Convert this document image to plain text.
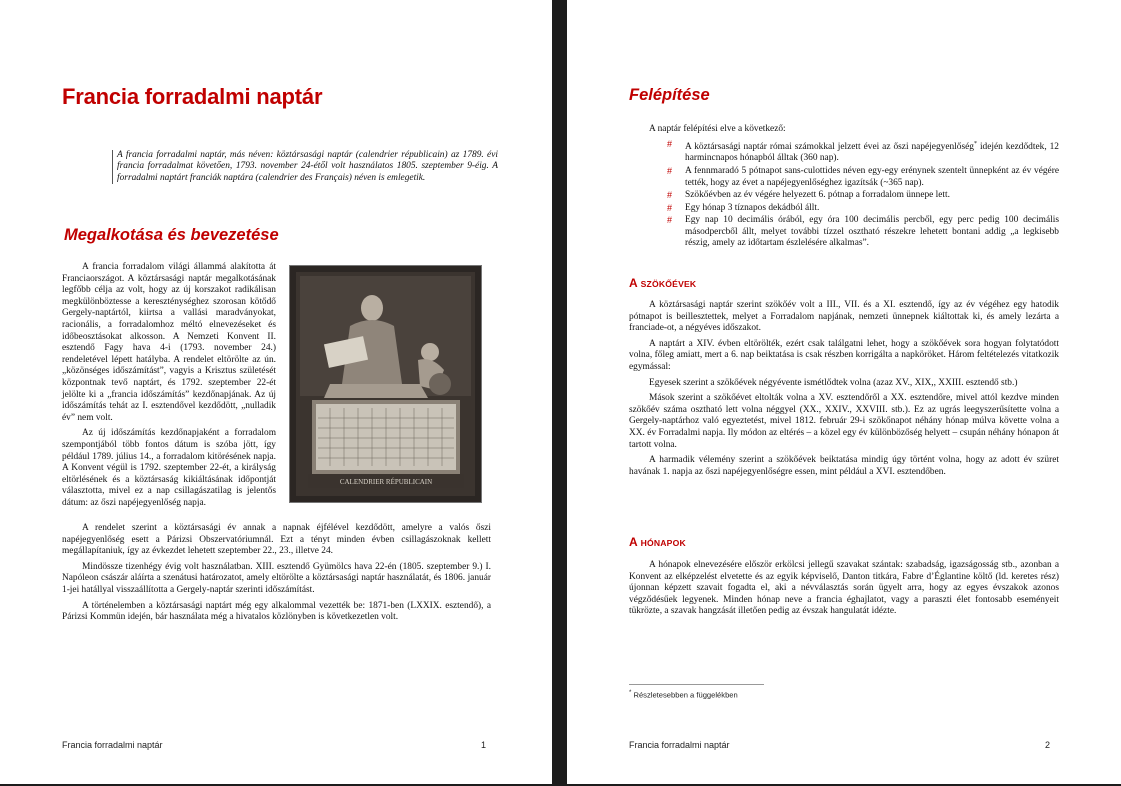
Francia forradalmi naptár
A francia forradalmi naptár, más néven: köztársasági naptár (calendrier républicain) az 1789. évi francia forradalmat követően, 1793. november 24-étől volt használatos 1805. szeptember 9-éig. A forradalmi naptárt franciák naptára (calendrier des Français) néven is emlegetik.
Megalkotása és bevezetése

A francia forradalom világi állammá alakította át Franciaországot. A köztársasági naptár megalkotásának legfőbb célja az volt, hogy az új korszakot radikálisan megkülönböztesse a kereszténységhez szorosan kötődő Gergely-naptártól, kiirtsa a vallási maradványokat, racionális, a forradalomhoz méltó elnevezéseket és időbeosztásokat alkosson. A Nemzeti Konvent II. esztendő Fagy hava 4-i (1793. november 24.) rendeletével lépett hatályba. A rendelet eltörölte az ún. „közönséges időszámítást”, vagyis a Krisztus születését központnak tevő naptárt, és 1792. szeptember 22-ét jelölte ki a „francia időszámítás” kezdőnapjának. Az új időszámítás tehát az I. esztendővel kezdődött, „nulladik év” nem volt.

Az új időszámítás kezdőnapjaként a forradalom szempontjából több fontos dátum is szóba jött, így például 1789. július 14., a forradalom kitörésének napja. A Konvent végül is 1792. szeptember 22-ét, a királyság eltörlésének és a köztársaság kikiáltásának időpontját választotta, mivel ez a nap csillagászatilag is jelentős dátum: az őszi napéjegyenlőség napja.

CALENDRIER RÉPUBLICAIN

A rendelet szerint a köztársasági év annak a napnak éjfélével kezdődött, amelyre a valós őszi napéjegyenlőség esett a Párizsi Obszervatóriumnál. Ezt a tényt minden évben csillagászoknak kellett megállapítaniuk, így az évkezdet lehetett szeptember 22., 23., illetve 24.

Mindössze tizenhégy évig volt használatban. XIII. esztendő Gyümölcs hava 22-én (1805. szeptember 9.) I. Napóleon császár aláírta a szenátusi határozatot, amely eltörölte a köztársasági naptár használatát, és 1806. január 1-jei hatállyal visszaállította a Gergely-naptár szerinti időszámítást.

A történelemben a köztársasági naptárt még egy alkalommal vezették be: 1871-ben (LXXIX. esztendő), a Párizsi Kommün idején, bár használata még a hivatalos közlönyben is következetlen volt.

Francia forradalmi naptár	1
Felépítése

A naptár felépítési elve a következő:

# A köztársasági naptár római számokkal jelzett évei az őszi napéjegyenlőség* idején kezdődtek, 12 harmincnapos hónapból álltak (360 nap).
# A fennmaradó 5 pótnapot sans-culottides néven egy-egy erénynek szentelt ünnepként az év végére tették, hogy az évet a napéjegyenlőséghez igazítsák (~365 nap).
# Szökőévben az év végére helyezett 6. pótnap a forradalom ünnepe lett.
# Egy hónap 3 tíznapos dekádból állt.
# Egy nap 10 decimális órából, egy óra 100 decimális percből, egy perc pedig 100 decimális másodpercből állt, melyet további tízzel osztható részekre lehetett bontani addig „a legkisebb részig, amely az időtartam észlelésére alkalmas”.
A SZÖKŐÉVEK

A köztársasági naptár szerint szökőév volt a III., VII. és a XI. esztendő, így az év végéhez egy hatodik pótnapot is beillesztettek, melyet a Forradalom napjának, nemzeti ünnepnek kiáltottak ki, és amely lezárta a franciade-ot, a négyéves időszakot.

A naptárt a XIV. évben eltörölték, ezért csak találgatni lehet, hogy a szökőévek sora hogyan folytatódott volna, főleg amiatt, mert a 6. nap beiktatása is csak részben korrigálta a napköröket. Három feltételezés vitatkozik egymással:

Egyesek szerint a szökőévek négyévente ismétlődtek volna (azaz XV., XIX,, XXIII. esztendő stb.)

Mások szerint a szökőévet eltolták volna a XV. esztendőről a XX. esztendőre, mivel attól kezdve minden szökőév száma osztható lett volna néggyel (XX., XXIV., XXVIII. stb.). Ez az ugrás leegyszerűsítette volna a Gergely-naptárhoz való egyeztetést, mivel 1812. február 29-i szökőnapot néhány hónap múlva követte volna a XX. év Forradalmi napja. Ily módon az eltérés – a közel egy év különbözőség helyett – csupán néhány hónapon át tartott volna.

A harmadik vélemény szerint a szökőévek beiktatása mindig úgy történt volna, hogy az adott év szüret havának 1. napja az őszi napéjegyenlőségre essen, mint például a XVI. esztendőben.

A HÓNAPOK

A hónapok elnevezésére először erkölcsi jellegű szavakat szántak: szabadság, igazságosság stb., azonban a Konvent az elképzelést elvetette és az egyik képviselő, Danton titkára, Fabre d’Églantine költő (ld. keretes rész) újonnan képzett szavait fogadta el, aki a névválasztás során ügyelt arra, hogy az egyes évszakok azonos végződésűek legyenek. Minden hónap neve a francia éghajlatot, vagy a paraszti élet fontosabb eseményeit tükrözte, a szavak hangzását illetően pedig az évszak hangulatát idézte.

* Részletesebben a függelékben
Francia forradalmi naptár	2
